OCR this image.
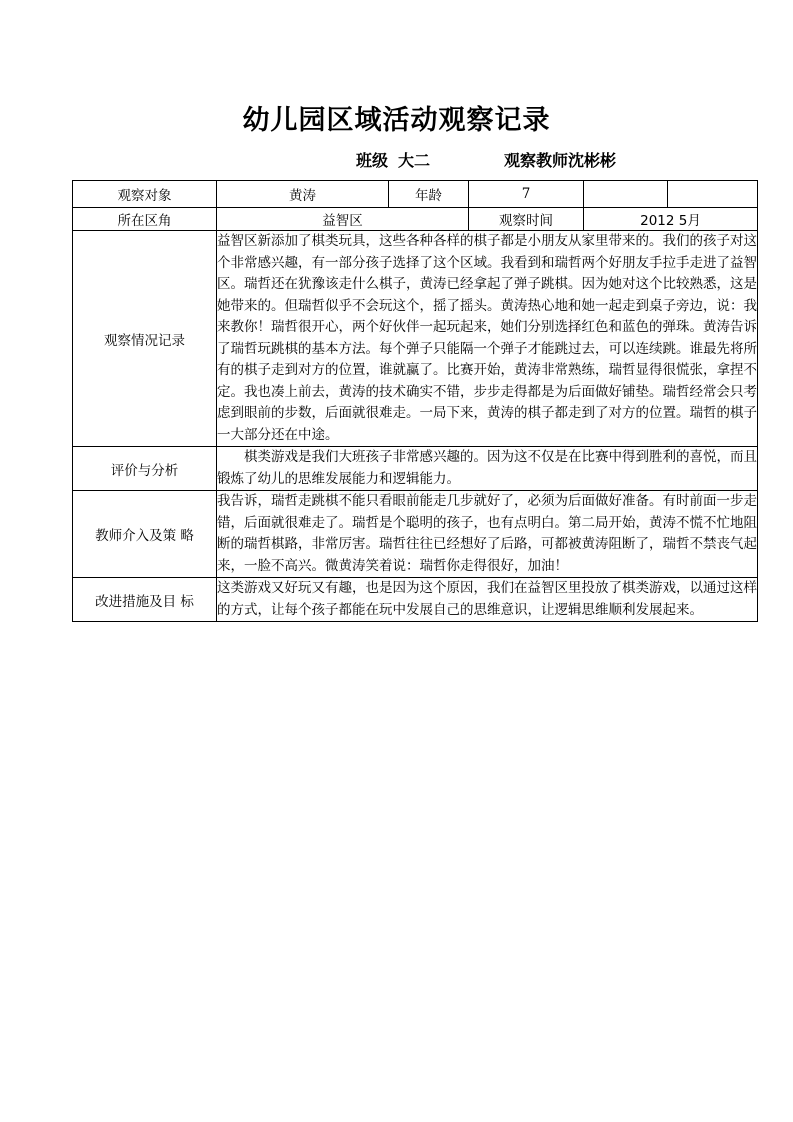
幼儿园区域活动观察记录
班级 大二	观察教师沈彬彬
观察对象	黄涛	年龄	7		
所在区角	益智区		观察时间	2012 5月	
观察情况记录	益智区新添加了棋类玩具，这些各种各样的棋子都是小朋友从家里带来的。我们的孩子对这个非常感兴趣，有一部分孩子选择了这个区域。我看到和瑞哲两个好朋友手拉手走进了益智区。瑞哲还在犹豫该走什么棋子，黄涛已经拿起了弹子跳棋。因为她对这个比较熟悉，这是她带来的。但瑞哲似乎不会玩这个，摇了摇头。黄涛热心地和她一起走到桌子旁边，说：我来教你！瑞哲很开心，两个好伙伴一起玩起来，她们分别选择红色和蓝色的弹珠。黄涛告诉了瑞哲玩跳棋的基本方法。每个弹子只能隔一个弹子才能跳过去，可以连续跳。谁最先将所有的棋子走到对方的位置，谁就赢了。比赛开始，黄涛非常熟练，瑞哲显得很慌张，拿捏不定。我也凑上前去，黄涛的技术确实不错，步步走得都是为后面做好铺垫。瑞哲经常会只考虑到眼前的步数，后面就很难走。一局下来，黄涛的棋子都走到了对方的位置。瑞哲的棋子一大部分还在中途。				
评价与分析	棋类游戏是我们大班孩子非常感兴趣的。因为这不仅是在比赛中得到胜利的喜悦，而且锻炼了幼儿的思维发展能力和逻辑能力。				
教师介入及策 略	我告诉，瑞哲走跳棋不能只看眼前能走几步就好了，必须为后面做好准备。有时前面一步走错，后面就很难走了。瑞哲是个聪明的孩子，也有点明白。第二局开始，黄涛不慌不忙地阻断的瑞哲棋路，非常厉害。瑞哲往往已经想好了后路，可都被黄涛阻断了，瑞哲不禁丧气起来，一脸不高兴。微黄涛笑着说：瑞哲你走得很好，加油！				
改进措施及目 标	这类游戏又好玩又有趣，也是因为这个原因，我们在益智区里投放了棋类游戏，以通过这样的方式，让每个孩子都能在玩中发展自己的思维意识，让逻辑思维顺利发展起来。				
